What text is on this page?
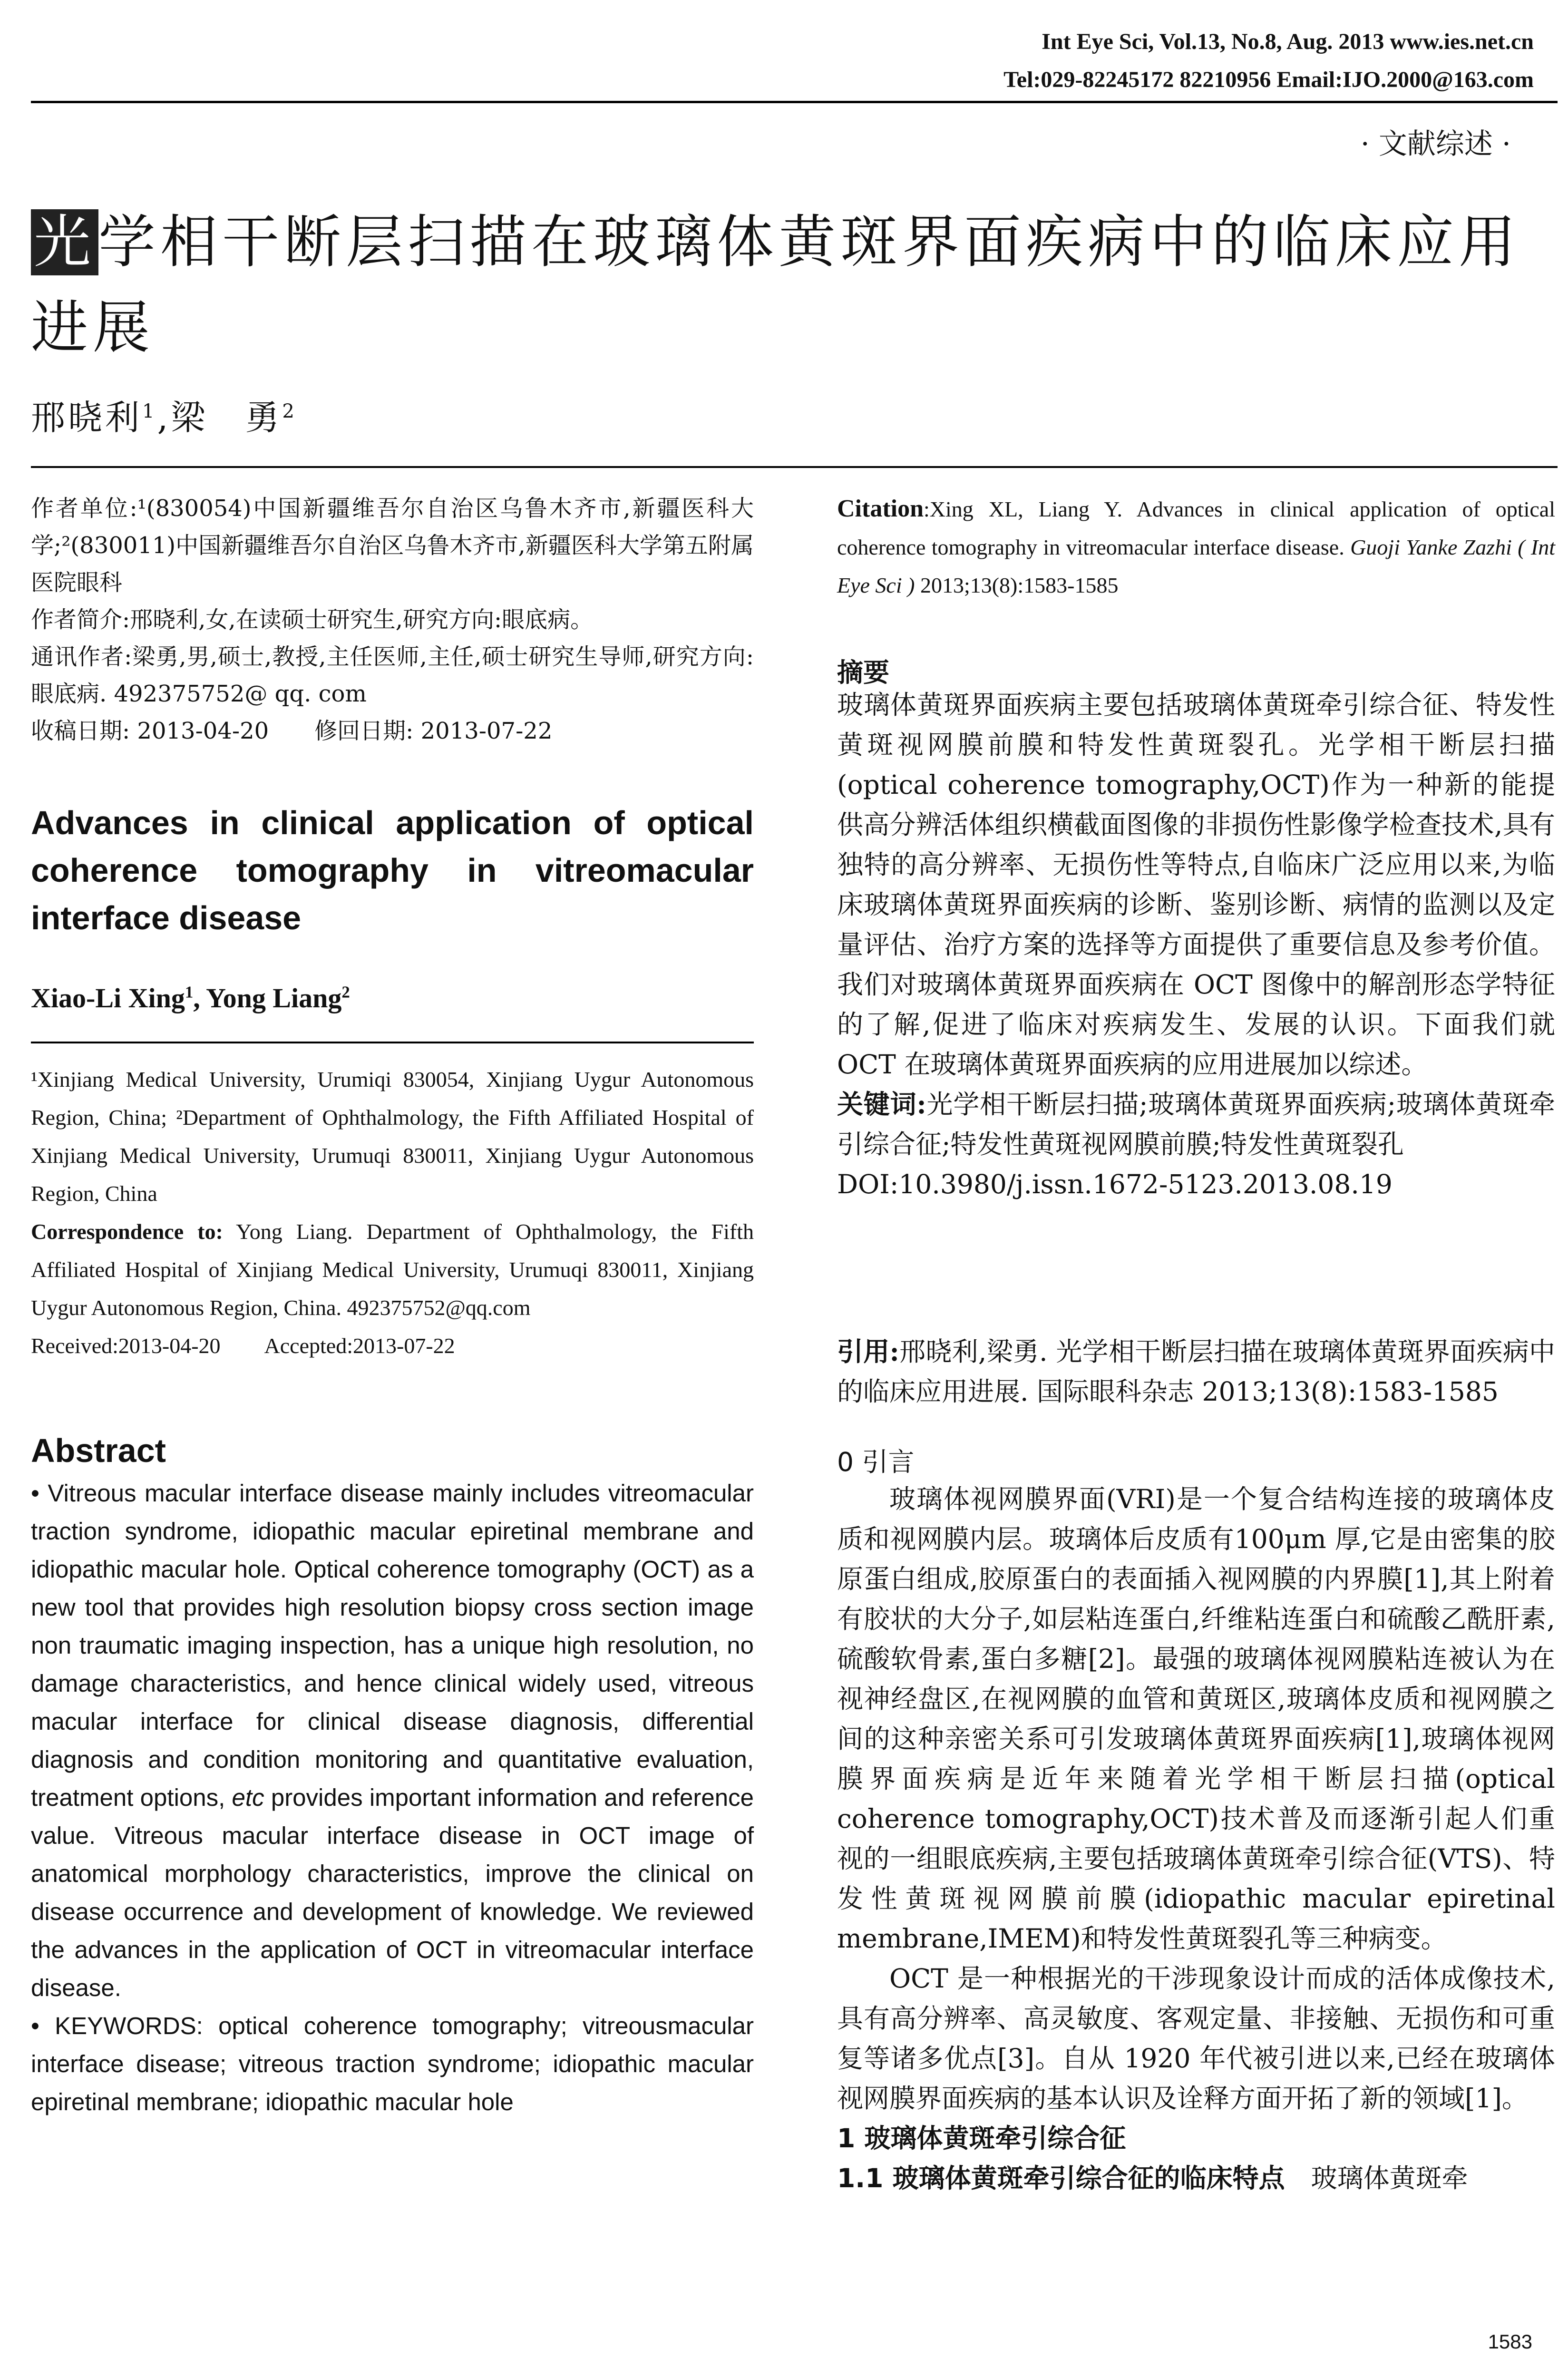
Int Eye Sci, Vol.13, No.8, Aug. 2013 www.ies.net.cn
Tel:029-82245172 82210956 Email:IJO.2000@163.com
· 文献综述 ·
光学相干断层扫描在玻璃体黄斑界面疾病中的临床应用进展
邢晓利$^1$,梁　勇$^2$

作者单位:¹(830054)中国新疆维吾尔自治区乌鲁木齐市,新疆医科大学;²(830011)中国新疆维吾尔自治区乌鲁木齐市,新疆医科大学第五附属医院眼科

作者简介:邢晓利,女,在读硕士研究生,研究方向:眼底病。

通讯作者:梁勇,男,硕士,教授,主任医师,主任,硕士研究生导师,研究方向:眼底病. 492375752@ qq. com

收稿日期: 2013-04-20　　修回日期: 2013-07-22

Advances in clinical application of optical coherence tomography in vitreomacular interface disease
Xiao-Li Xing$^1$, Yong Liang$^2$

¹Xinjiang Medical University, Urumiqi 830054, Xinjiang Uygur Autonomous Region, China; ²Department of Ophthalmology, the Fifth Affiliated Hospital of Xinjiang Medical University, Urumuqi 830011, Xinjiang Uygur Autonomous Region, China

Correspondence to: Yong Liang. Department of Ophthalmology, the Fifth Affiliated Hospital of Xinjiang Medical University, Urumuqi 830011, Xinjiang Uygur Autonomous Region, China. 492375752@qq.com

Received:2013-04-20　　Accepted:2013-07-22

Abstract

• Vitreous macular interface disease mainly includes vitreomacular traction syndrome, idiopathic macular epiretinal membrane and idiopathic macular hole. Optical coherence tomography (OCT) as a new tool that provides high resolution biopsy cross section image non traumatic imaging inspection, has a unique high resolution, no damage characteristics, and hence clinical widely used, vitreous macular interface for clinical disease diagnosis, differential diagnosis and condition monitoring and quantitative evaluation, treatment options, etc provides important information and reference value. Vitreous macular interface disease in OCT image of anatomical morphology characteristics, improve the clinical on disease occurrence and development of knowledge. We reviewed the advances in the application of OCT in vitreomacular interface disease.

• KEYWORDS: optical coherence tomography; vitreousmacular interface disease; vitreous traction syndrome; idiopathic macular epiretinal membrane; idiopathic macular hole

Citation:Xing XL, Liang Y. Advances in clinical application of optical coherence tomography in vitreomacular interface disease. Guoji Yanke Zazhi ( Int Eye Sci ) 2013;13(8):1583-1585
摘要

玻璃体黄斑界面疾病主要包括玻璃体黄斑牵引综合征、特发性黄斑视网膜前膜和特发性黄斑裂孔。光学相干断层扫描(optical coherence tomography,OCT)作为一种新的能提供高分辨活体组织横截面图像的非损伤性影像学检查技术,具有独特的高分辨率、无损伤性等特点,自临床广泛应用以来,为临床玻璃体黄斑界面疾病的诊断、鉴别诊断、病情的监测以及定量评估、治疗方案的选择等方面提供了重要信息及参考价值。我们对玻璃体黄斑界面疾病在 OCT 图像中的解剖形态学特征的了解,促进了临床对疾病发生、发展的认识。下面我们就 OCT 在玻璃体黄斑界面疾病的应用进展加以综述。

关键词:光学相干断层扫描;玻璃体黄斑界面疾病;玻璃体黄斑牵引综合征;特发性黄斑视网膜前膜;特发性黄斑裂孔

DOI:10.3980/j.issn.1672-5123.2013.08.19

引用:邢晓利,梁勇. 光学相干断层扫描在玻璃体黄斑界面疾病中的临床应用进展. 国际眼科杂志 2013;13(8):1583-1585
0 引言

玻璃体视网膜界面(VRI)是一个复合结构连接的玻璃体皮质和视网膜内层。玻璃体后皮质有100μm 厚,它是由密集的胶原蛋白组成,胶原蛋白的表面插入视网膜的内界膜[1],其上附着有胶状的大分子,如层粘连蛋白,纤维粘连蛋白和硫酸乙酰肝素,硫酸软骨素,蛋白多糖[2]。最强的玻璃体视网膜粘连被认为在视神经盘区,在视网膜的血管和黄斑区,玻璃体皮质和视网膜之间的这种亲密关系可引发玻璃体黄斑界面疾病[1],玻璃体视网膜界面疾病是近年来随着光学相干断层扫描(optical coherence tomography,OCT)技术普及而逐渐引起人们重视的一组眼底疾病,主要包括玻璃体黄斑牵引综合征(VTS)、特发性黄斑视网膜前膜(idiopathic macular epiretinal membrane,IMEM)和特发性黄斑裂孔等三种病变。

OCT 是一种根据光的干涉现象设计而成的活体成像技术,具有高分辨率、高灵敏度、客观定量、非接触、无损伤和可重复等诸多优点[3]。自从 1920 年代被引进以来,已经在玻璃体视网膜界面疾病的基本认识及诠释方面开拓了新的领域[1]。

1 玻璃体黄斑牵引综合征

1.1 玻璃体黄斑牵引综合征的临床特点　玻璃体黄斑牵

1583
